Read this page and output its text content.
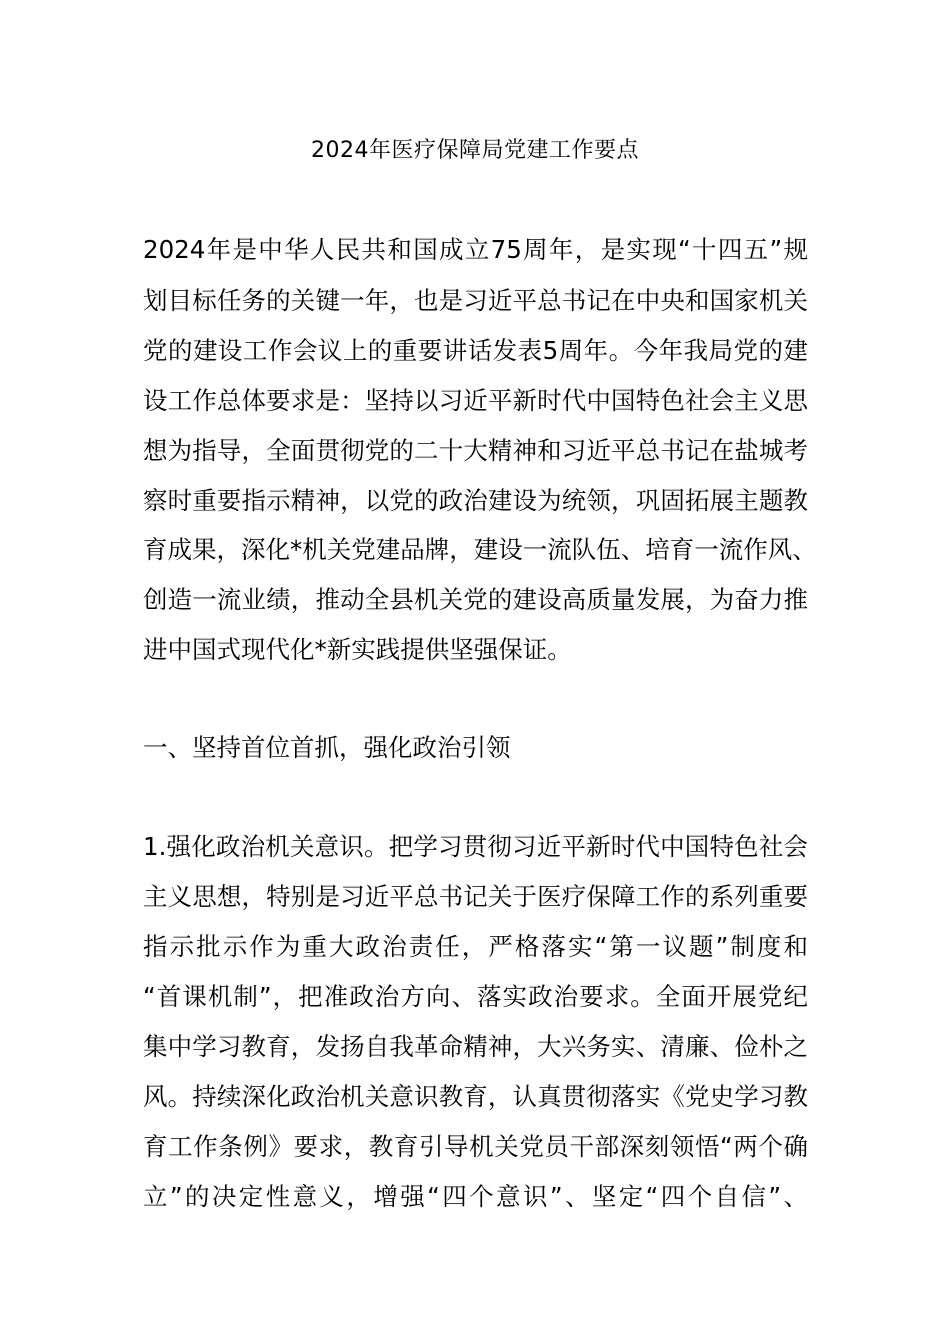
2024年医疗保障局党建工作要点

2024年是中华人民共和国成立75周年，是实现“十四五”规

划目标任务的关键一年，也是习近平总书记在中央和国家机关

党的建设工作会议上的重要讲话发表5周年。今年我局党的建

设工作总体要求是：坚持以习近平新时代中国特色社会主义思

想为指导，全面贯彻党的二十大精神和习近平总书记在盐城考

察时重要指示精神，以党的政治建设为统领，巩固拓展主题教

育成果，深化*机关党建品牌，建设一流队伍、培育一流作风、

创造一流业绩，推动全县机关党的建设高质量发展，为奋力推

进中国式现代化*新实践提供坚强保证。

一、坚持首位首抓，强化政治引领

1.强化政治机关意识。把学习贯彻习近平新时代中国特色社会

主义思想，特别是习近平总书记关于医疗保障工作的系列重要

指示批示作为重大政治责任，严格落实“第一议题”制度和

“首课机制”，把准政治方向、落实政治要求。全面开展党纪

集中学习教育，发扬自我革命精神，大兴务实、清廉、俭朴之

风。持续深化政治机关意识教育，认真贯彻落实《党史学习教

育工作条例》要求，教育引导机关党员干部深刻领悟“两个确

立”的决定性意义，增强“四个意识”、坚定“四个自信”、
